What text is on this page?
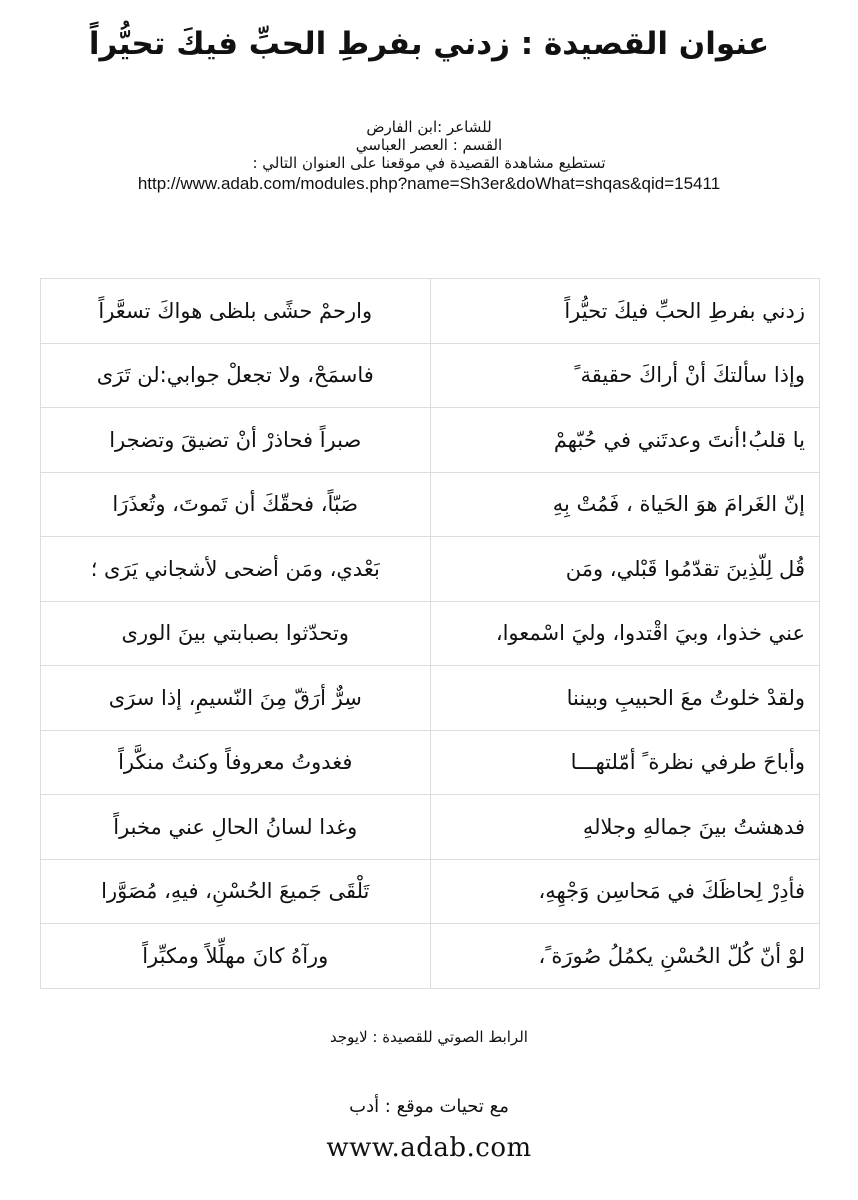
عنوان القصيدة : زدني بفرطِ الحبِّ فيكَ تحيُّراً
للشاعر :ابن الفارض
القسم : العصر العباسي
تستطيع مشاهدة القصيدة في موقعنا على العنوان التالي :
http://www.adab.com/modules.php?name=Sh3er&doWhat=shqas&qid=15411
زدني بفرطِ الحبِّ فيكَ تحيُّراً	وارحمْ حشًى بلظى هواكَ تسعَّراً
وإذا سألتكَ أنْ أراكَ حقيقة ً	فاسمَحْ، ولا تجعلْ جوابي:لن تَرَى
يا قلبُ!أنتَ وعدتَني في حُبّهمْ	صبراً فحاذرْ أنْ تضيقَ وتضجرا
إنّ الغَرامَ هوَ الحَياة ، فَمُتْ بِهِ	صَبّاً، فحقّكَ أن تَموتَ، وتُعذَرَا
قُل لِلّذِينَ تقدّمُوا قَبْلي، ومَن	بَعْدي، ومَن أضحى لأشجاني يَرَى ؛
عني خذوا، وبيَ اقْتدوا، وليَ اسْمعوا،	وتحدّثوا بصبابتي بينَ الورى
ولقدْ خلوتُ معَ الحبيبِ وبيننا	سِرٌّ أرَقّ مِنَ النّسيمِ، إذا سرَى
وأباحَ طرفي نظرة ً أمّلتهـــا	فغدوتُ معروفاً وكنتُ منكَّراً
فدهشتُ بينَ جمالهِ وجلالهِ	وغدا لسانُ الحالِ عني مخبراً
فأدِرْ لِحاظَكَ في مَحاسِن وَجْهِهِ،	تَلْقَى جَميعَ الحُسْنِ، فيهِ، مُصَوَّرا
لوْ أنّ كُلّ الحُسْنِ يكمُلُ صُورَة ً،	ورآهُ كانَ مهلِّلاً ومكبِّراً
الرابط الصوتي للقصيدة : لايوجد
مع تحيات موقع : أدب
www.adab.com
